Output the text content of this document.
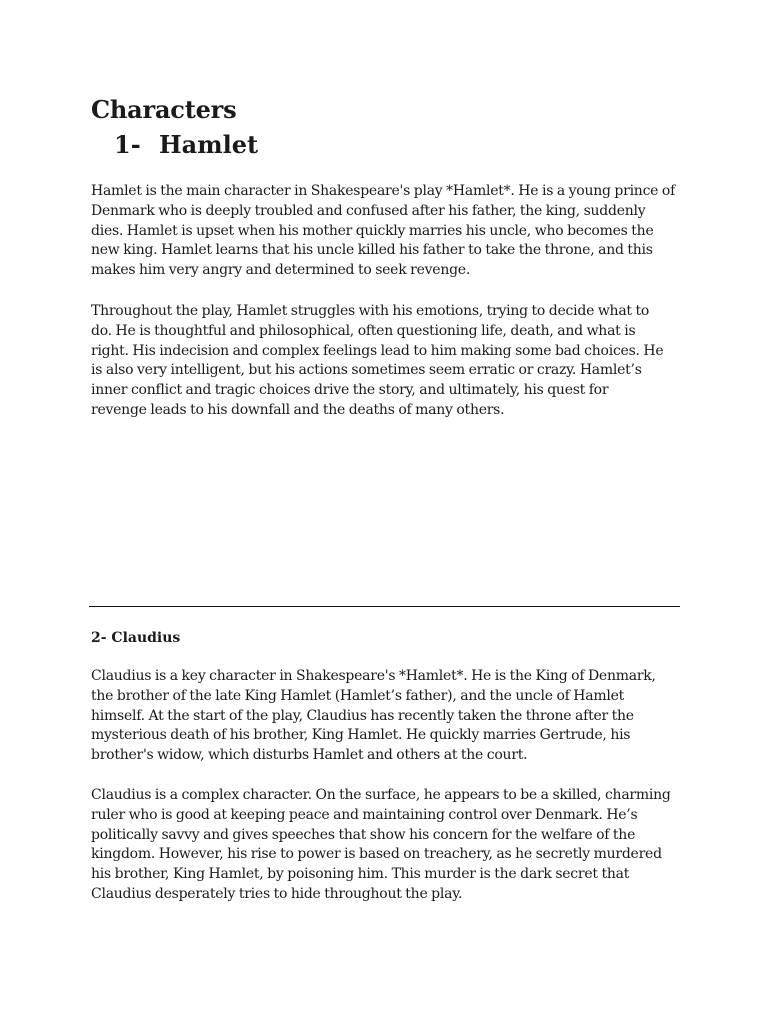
Characters
1- Hamlet

Hamlet is the main character in Shakespeare's play *Hamlet*. He is a young prince of
Denmark who is deeply troubled and confused after his father, the king, suddenly
dies. Hamlet is upset when his mother quickly marries his uncle, who becomes the
new king. Hamlet learns that his uncle killed his father to take the throne, and this
makes him very angry and determined to seek revenge.

Throughout the play, Hamlet struggles with his emotions, trying to decide what to
do. He is thoughtful and philosophical, often questioning life, death, and what is
right. His indecision and complex feelings lead to him making some bad choices. He
is also very intelligent, but his actions sometimes seem erratic or crazy. Hamlet’s
inner conflict and tragic choices drive the story, and ultimately, his quest for
revenge leads to his downfall and the deaths of many others.

2- Claudius

Claudius is a key character in Shakespeare's *Hamlet*. He is the King of Denmark,
the brother of the late King Hamlet (Hamlet’s father), and the uncle of Hamlet
himself. At the start of the play, Claudius has recently taken the throne after the
mysterious death of his brother, King Hamlet. He quickly marries Gertrude, his
brother's widow, which disturbs Hamlet and others at the court.

Claudius is a complex character. On the surface, he appears to be a skilled, charming
ruler who is good at keeping peace and maintaining control over Denmark. He’s
politically savvy and gives speeches that show his concern for the welfare of the
kingdom. However, his rise to power is based on treachery, as he secretly murdered
his brother, King Hamlet, by poisoning him. This murder is the dark secret that
Claudius desperately tries to hide throughout the play.
